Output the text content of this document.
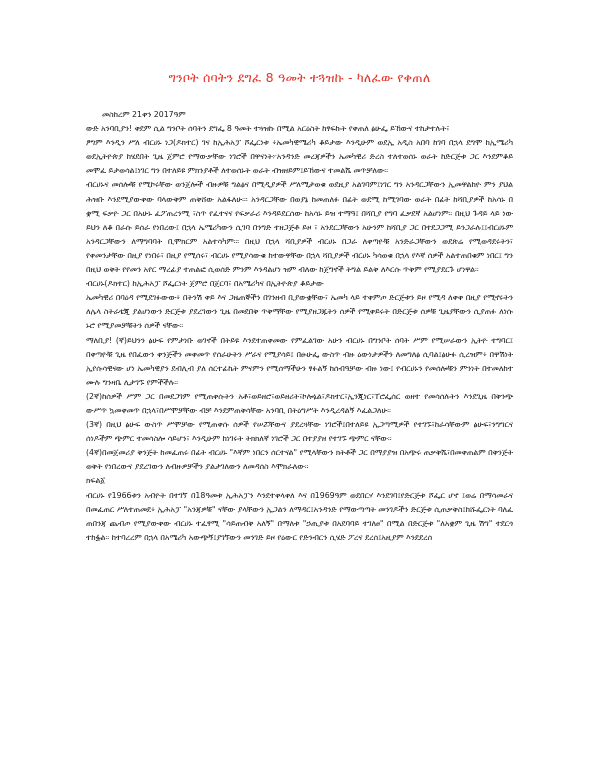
ግንቦት ሰባትን ደግፈ 8 ዓመት ተጓዝኩ - ካለፈው የቀጠለ

መስከረም 21ቀን 2017ዓም

ውድ አንባቢያን! ቀደም ሲል ግንቦት ሰባትን ደግፌ 8 ዓመት ተጓዝኩ በሚል አርዕስት ከፃፍኩት የቀጠለ ፅሁፌ ይኸውና ተከታተሉት፣

ፆግም እንዲን ሥለ ብርሀኑ ነጋ(ዶክተር) ገና ከኢሕአፓ ሾፌርነቱ ፥ኤመካዊሜሪካ ቆይታው እንዲሁም ወደኢ አዲስ አበባ ከገባ በኋላ ደግሞ ከኢሜሪካ ወደኢትዮጵያ ከሄደበት ጊዜ ጀምሮ የማውቃቸው ነገሮች በዋናነት፦አንዳንድ መረጃዎችን ኤመካዊሪ ድረስ ተለተወሰኑ ወራት ከድርጅቱ ጋር እንደምቆይ መሞፈ ይታወሳል፤ነገር ግን በተለይዩ ምክንያቶች ለተወሰኑት ወራት ብዝዘይም፤ይኸውና ተመልሼ መጥቻለው።

ብርሀኑና መሰሎቹ የሚኮሩቸው ወንጀሎች ብዙዎቹ ግልፅና በሚዲያዎች ሥለሚታወቁ ወደዚያ አልገባም፤ነገር ግን አንዳርጋቸውን ኢመዋልከዮ ምን ያህል ሕዝቡ እንደሚያውቀው ባላውቅም ጠቅሸው አልፋለሁ።፡ አንዳርጋቸው በወያኔ ከመጠለፉ በፊት ወደሚ ከሚገባው ወራት በፊት ከሻቢያዎች ከአሳኑ በ ቋሚ ፍቃዮ ጋር በአሁኑ ፈፖጠረንሚ ፣ስጥ የፈተናና የፍቃራሪ እንዳይደርሰው ከአሳኑ ይዝ ተማዓ፤ በሻቢያ የግባ ፈቃደኛ አልሆነም። በዚህ ጉዳይ ላይ ነው ይህን ለቆ በራሱ ይሰራ የነበረው፤ በኋላ ኤሜሪካውን ሲገባ በንግድ ተዘጋጅቶ ይዞ ፣ አንደርጋቸውን አሁንም ከሻቢያ ጋር በተደጋጋሚ ይንጋራሉ፤፤ብርሀኑም አንዳርጋቸውን ለማግባባት ቢሞክርም አልተሳካም።፡ በዚህ በኋላ ሻቢያዎች ብርሀኑ በጋራ ለቀጣዮቹ አንድራጋቸውን ወደጽሬ የሚወዳደሩትን፣ የቀመንታቸው በዚያ የነበሩ፣ በዚያ የሚሰሩ፣ ብርሀኑ የሚያሳውቁ ከተውዋቸው በኋላ ሻቢያዎች ብርሀኑ ካሳወቁ በኋላ የእኛ ሰዎች አልተጠበቁም ነበር፤ ግን በዚህ ወቅት የየመን አየር ማረፊያ ተጠልፎ ሲወሰድ ምንም እንዳልሆነ ዝም ብለው ከጀግኖች ትግል ይልቅ ለእርሱ ጥቅም የሚያደርጉ ሆነዋል።

ብርሀኑ(ዶክተር) ከኢሕአፓ ሾፌርነት ጀምሮ በጀርባ፣ በአሜሪካና በኢትዮጵያ ቆይታው

ኤመካዊሪ በባዕዳ የሚደገፉውው፥ በትንሽ ቀይ እና ጋዜጠኞችን በገንዘብ ቢያውቋቸው፣ ኤመካ ላይ ተቀምጦ ድርጅቱን ይዞ የሚዳ ለቀቀ በዚያ የሚኖሩትን ለሌላ ስትራቴጂ ያልሆነውን ድርጅቱ ያደረገውን ጊዜ በመደበቅ ጥቅማቸው የሚያዘጋጁትን ሰዎች የሚቀይሩት በድርጅቱ ሰዎቹ ጊዜያቸውን ሲያጠፉ ለነሱ ኑሮ የሚያመቻቹትን ሰዎች ናቸው።

ማለቢያ! (ኛ)ይህንን ፅሁፍ የምታነቡ ወገኖች በትይዩ እንደተጠቀመው የምፈልገው አሁን ብርሀኑ በግንቦት ሰባት ሥም የሚሠራውን ኢትዮ ተግባር፤ በቀጣዮቹ ጊዜ የበፈውን ቀንጅችን መቀመጥ የሰራሁትን ሥራና የሚያሳይ፤ በፁሁፌ ውስጥ ብዙ ዕውነታዎችን ለመግለፅ ሲባል፤ፅሁፉ ሲረዝም፥ በዋሽነት ኢየሱሳዊናው ሆነ ኤመካዊያን ደብሊብ ያለ ሰርተፊኬት ምናምን የሚሰማችሁን ፃፉልኝ ከሰብዓቻው ብዙ ነው፤ የብርሀኑን የመሰሎቹን ምንነት በተመለከተ ሙሉ ግንዛቤ ሊታገኙ የምችችሉ።

(2ኛ)ከሰዎች ሥም ጋር በመደጋገም የሚጠቀሱትን አቶ፣ወይዘሮ፣ወይዘሪት፣ኮሎኔል፣ዶክተር፣ኢንጂነር፣ፐሮፌሰር ወዘተ የመሳሰሉትን እንደጊዜ በቅንጭ ውሥጥ ኳመቀመጥ በኋላ፣በሥሞቻቸው ብቻ እንደምጠቅሳቸው አንባቢ በትዕግሥት እንዲረዳልኝ እፈልጋለሁ።

(3ኛ) በዚህ ፅሁፍ ውስጥ ሥሞቻው የሚጠቀሱ ሰዎች የሠሯቸውና ያደረጓቸው ነገሮች፤በተለይዩ ኢጋጣሚዎች የተገኙ፣ከራሳቸውም ፅሁፍ፣ንግግርና ሰነዶችም ጭምር ተመሳስሎ ሳይሆን፣ እንዲሁም ከነገሩት ትክክለኛ ነገሮች ጋር በተያያዘ የተገኙ ጭምር ናቸው።

(4ኛ)በመጀመሪያ ቅንጅት ከመፈጠሩ በፊት ብርሀኑ "እኛም ነበርን ሰርተናል" የሚላቸውን ክትቶች ጋር በማያያዝ በአጭሩ ጠቃቅሼ፣በመቀጠልም በቅንጅት ወቅት የነበረውና ያደረገውን ለብዙዎቻችን ያልታገለውን ለመዳሰስ እሞክራለው።

ክፍል፩

ብርሀኑ የ1966ቱን አብዮት በተገኘ በ18ዓመቱ ኢሕአፓን እንደተቀላቀለ እና በ1969ዓም ወደበርሃ እንደገባ፤የድርጅቱ ሾፌር ሆኖ ፤ወሬ በማሳመራና በመፈጠር ሥለተጠመደ፥ ኢሕአፓ "አንጃዎቹ" ናቸው ያላቸውን ኢጋልን ለማዳር፤አንዳንድ የማውጣጣት መንገዶችን ድርጅቱ ሲጠቃቅስ፤ከሹፌርነት ባለፈ ጠበንጃ ጨብጦ የሚያውቀው ብርሀኑ ተፈፃሚ "ሳይጠብቅ አለኝ" በማለቱ "ኃጢያቱ በአደባባይ ተገለፀ" በሚል በድርጅቱ "ለአቋም ጊዜ ሽግ" ተደርጎ ተከፏል። ከተባረረም በኋላ በአሜሪካ አውጭኝ፤ያገኘውን መንገድ ይዞ የዕውር የድንብርን ሲሄድ ፖረና ደረሰ፤አዚያም እንደደረሰ
